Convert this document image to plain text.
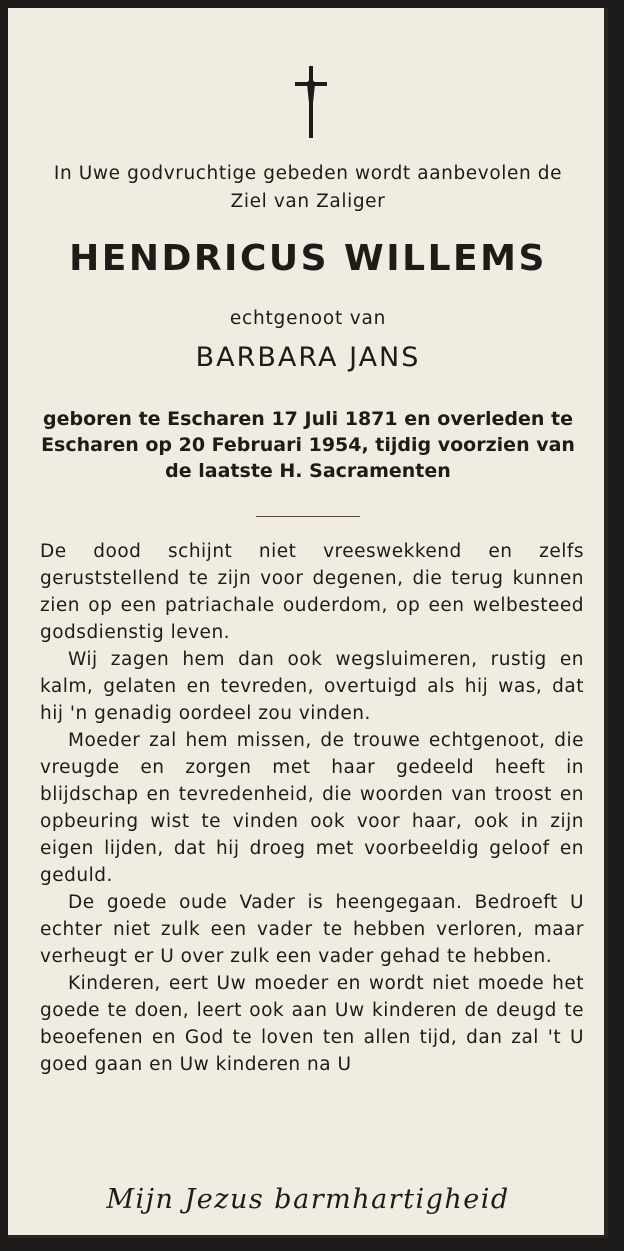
In Uwe godvruchtige gebeden wordt aanbevolen de Ziel van Zaliger

HENDRICUS WILLEMS
echtgenoot van
BARBARA JANS

geboren te Escharen 17 Juli 1871 en overleden te Escharen op 20 Februari 1954, tijdig voorzien van de laatste H. Sacramenten

De dood schijnt niet vreeswekkend en zelfs geruststellend te zijn voor degenen, die terug kunnen zien op een patriachale ouderdom, op een welbesteed godsdienstig leven.

Wij zagen hem dan ook wegsluimeren, rustig en kalm, gelaten en tevreden, overtuigd als hij was, dat hij 'n genadig oordeel zou vinden.

Moeder zal hem missen, de trouwe echtgenoot, die vreugde en zorgen met haar gedeeld heeft in blijdschap en tevredenheid, die woorden van troost en opbeuring wist te vinden ook voor haar, ook in zijn eigen lijden, dat hij droeg met voorbeeldig geloof en geduld.

De goede oude Vader is heengegaan. Bedroeft U echter niet zulk een vader te hebben verloren, maar verheugt er U over zulk een vader gehad te hebben.

Kinderen, eert Uw moeder en wordt niet moede het goede te doen, leert ook aan Uw kinderen de deugd te beoefenen en God te loven ten allen tijd, dan zal 't U goed gaan en Uw kinderen na U

Mijn Jezus barmhartigheid
